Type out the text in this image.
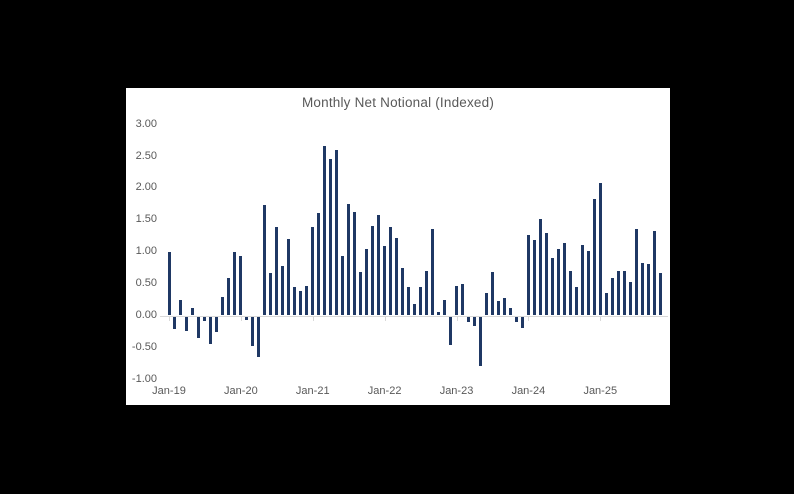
Monthly Net Notional (Indexed)
3.00
2.50
2.00
1.50
1.00
0.50
0.00
-0.50
-1.00
Jan-19	Jan-20	Jan-21	Jan-22	Jan-23	Jan-24	Jan-25
